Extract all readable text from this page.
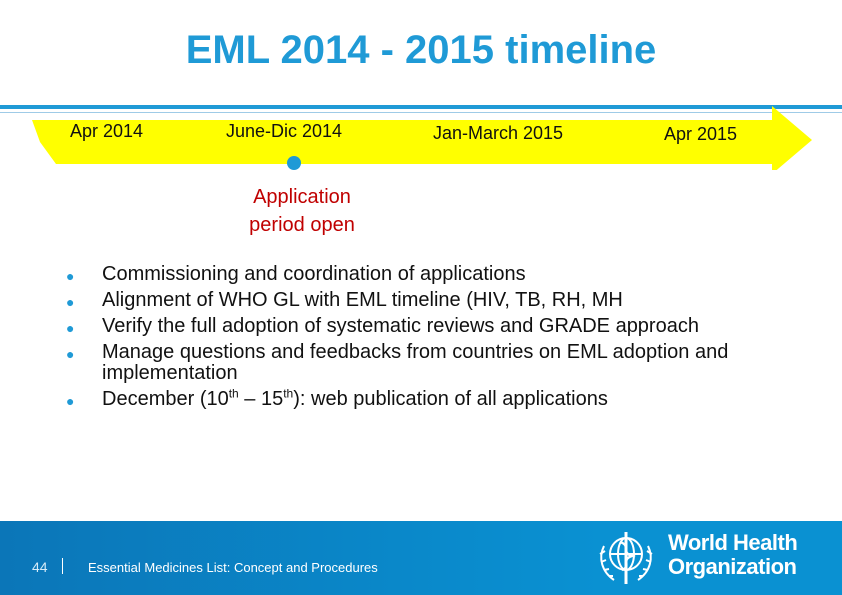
EML 2014 - 2015 timeline
Apr 2014	June-Dic 2014	Jan-March 2015	Apr 2015

Application
period open

● Commissioning and coordination of applications
● Alignment of WHO GL with EML timeline (HIV, TB, RH, MH
● Verify the full adoption of systematic reviews and GRADE approach
● Manage questions and feedbacks from countries on EML adoption and implementation
● December (10th – 15th): web publication of all applications
44	Essential Medicines List: Concept and Procedures
World Health
Organization
